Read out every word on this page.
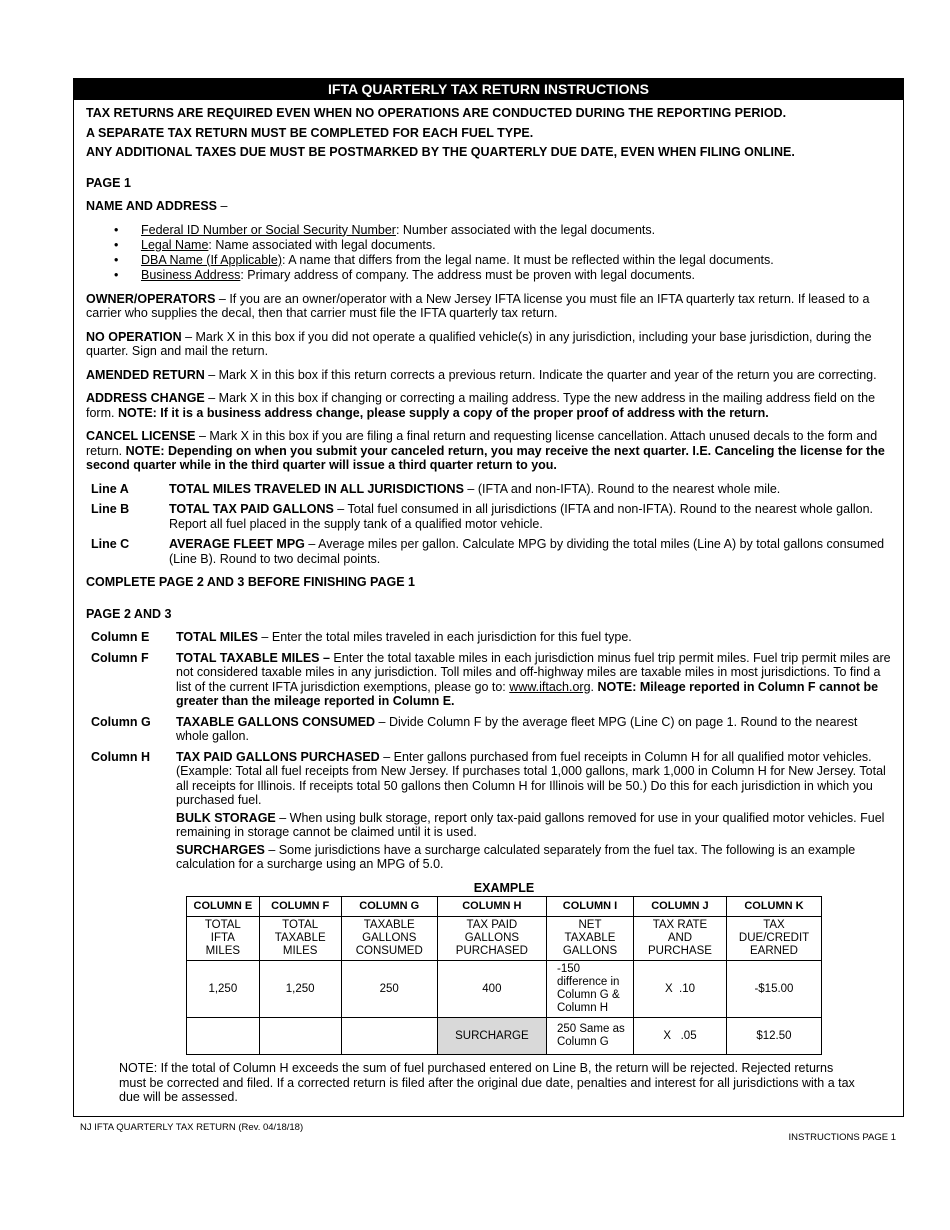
IFTA QUARTERLY TAX RETURN INSTRUCTIONS

TAX RETURNS ARE REQUIRED EVEN WHEN NO OPERATIONS ARE CONDUCTED DURING THE REPORTING PERIOD.

A SEPARATE TAX RETURN MUST BE COMPLETED FOR EACH FUEL TYPE.

ANY ADDITIONAL TAXES DUE MUST BE POSTMARKED BY THE QUARTERLY DUE DATE, EVEN WHEN FILING ONLINE.

PAGE 1

NAME AND ADDRESS –

• Federal ID Number or Social Security Number: Number associated with the legal documents.
• Legal Name: Name associated with legal documents.
• DBA Name (If Applicable): A name that differs from the legal name. It must be reflected within the legal documents.
• Business Address: Primary address of company. The address must be proven with legal documents.

OWNER/OPERATORS – If you are an owner/operator with a New Jersey IFTA license you must file an IFTA quarterly tax return. If leased to a carrier who supplies the decal, then that carrier must file the IFTA quarterly tax return.

NO OPERATION – Mark X in this box if you did not operate a qualified vehicle(s) in any jurisdiction, including your base jurisdiction, during the quarter. Sign and mail the return.

AMENDED RETURN – Mark X in this box if this return corrects a previous return. Indicate the quarter and year of the return you are correcting.

ADDRESS CHANGE – Mark X in this box if changing or correcting a mailing address. Type the new address in the mailing address field on the form. NOTE: If it is a business address change, please supply a copy of the proper proof of address with the return.

CANCEL LICENSE – Mark X in this box if you are filing a final return and requesting license cancellation. Attach unused decals to the form and return. NOTE: Depending on when you submit your canceled return, you may receive the next quarter. I.E. Canceling the license for the second quarter while in the third quarter will issue a third quarter return to you.

Line A	TOTAL MILES TRAVELED IN ALL JURISDICTIONS – (IFTA and non-IFTA). Round to the nearest whole mile.
Line B	TOTAL TAX PAID GALLONS – Total fuel consumed in all jurisdictions (IFTA and non-IFTA). Round to the nearest whole gallon. Report all fuel placed in the supply tank of a qualified motor vehicle.
Line C	AVERAGE FLEET MPG – Average miles per gallon. Calculate MPG by dividing the total miles (Line A) by total gallons consumed (Line B). Round to two decimal points.

COMPLETE PAGE 2 AND 3 BEFORE FINISHING PAGE 1

PAGE 2 AND 3

Column E	TOTAL MILES – Enter the total miles traveled in each jurisdiction for this fuel type.
Column F	TOTAL TAXABLE MILES – Enter the total taxable miles in each jurisdiction minus fuel trip permit miles. Fuel trip permit miles are not considered taxable miles in any jurisdiction. Toll miles and off-highway miles are taxable miles in most jurisdictions. To find a list of the current IFTA jurisdiction exemptions, please go to: www.iftach.org. NOTE: Mileage reported in Column F cannot be greater than the mileage reported in Column E.
Column G	TAXABLE GALLONS CONSUMED – Divide Column F by the average fleet MPG (Line C) on page 1. Round to the nearest whole gallon.
Column H	TAX PAID GALLONS PURCHASED – Enter gallons purchased from fuel receipts in Column H for all qualified motor vehicles. (Example: Total all fuel receipts from New Jersey. If purchases total 1,000 gallons, mark 1,000 in Column H for New Jersey. Total all receipts for Illinois. If receipts total 50 gallons then Column H for Illinois will be 50.) Do this for each jurisdiction in which you purchased fuel.

BULK STORAGE – When using bulk storage, report only tax-paid gallons removed for use in your qualified motor vehicles. Fuel remaining in storage cannot be claimed until it is used.

SURCHARGES – Some jurisdictions have a surcharge calculated separately from the fuel tax. The following is an example calculation for a surcharge using an MPG of 5.0.

EXAMPLE
COLUMN E	COLUMN F	COLUMN G	COLUMN H	COLUMN I	COLUMN J	COLUMN K
TOTAL IFTA MILES	TOTAL TAXABLE MILES	TAXABLE GALLONS CONSUMED	TAX PAID GALLONS PURCHASED	NET TAXABLE GALLONS	TAX RATE AND PURCHASE	TAX DUE/CREDIT EARNED
1,250	1,250	250	400	-150 difference in Column G & Column H	X  .10	-$15.00
			SURCHARGE	250 Same as Column G	X   .05	$12.50

NOTE: If the total of Column H exceeds the sum of fuel purchased entered on Line B, the return will be rejected. Rejected returns must be corrected and filed. If a corrected return is filed after the original due date, penalties and interest for all jurisdictions with a tax due will be assessed.

NJ IFTA QUARTERLY TAX RETURN (Rev. 04/18/18)
INSTRUCTIONS PAGE 1
